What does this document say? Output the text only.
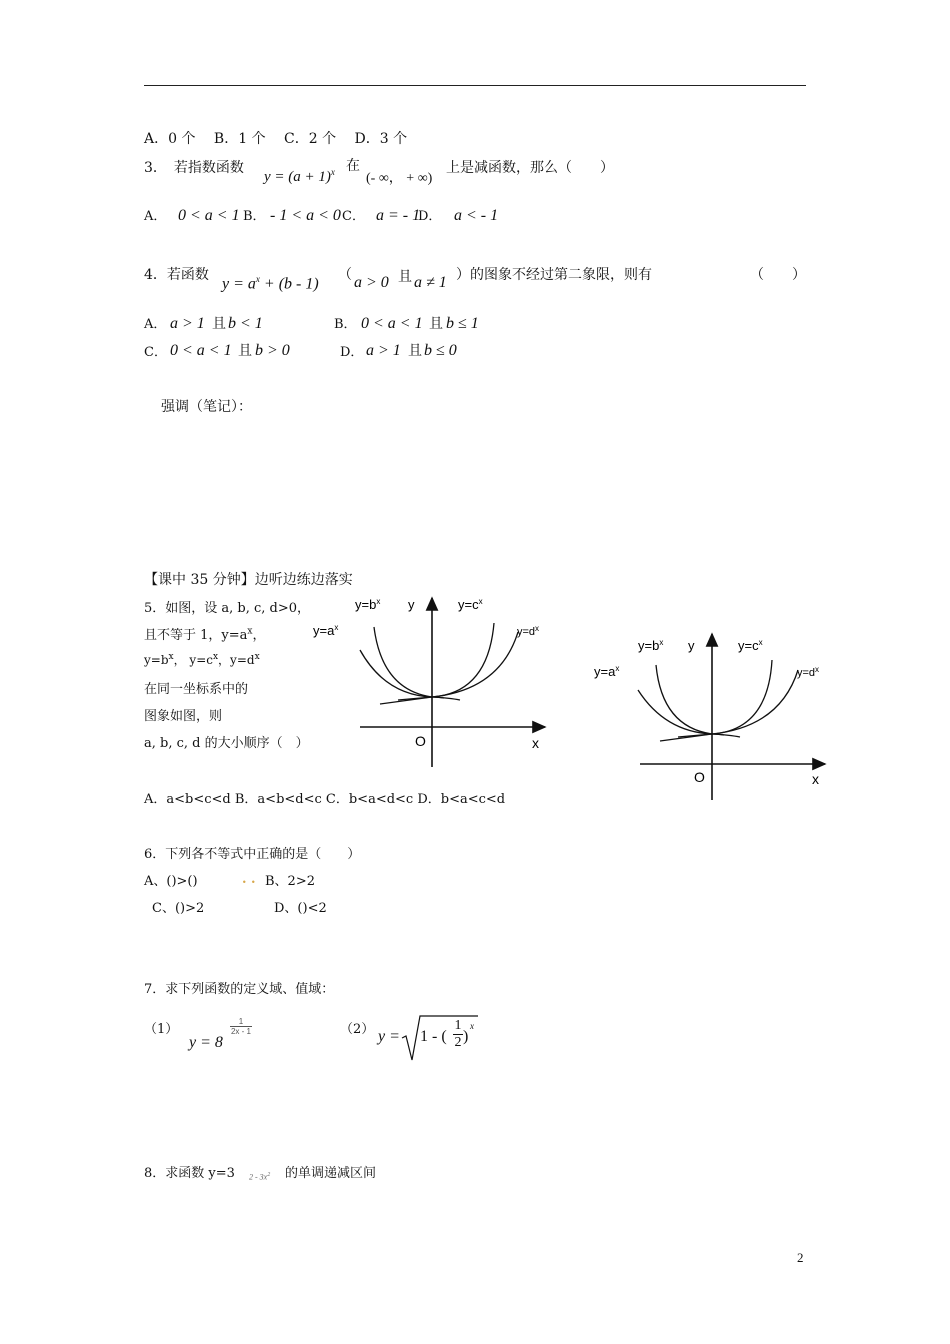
A．0 个　 B．1 个　 C．2 个　 D．3 个
3．　若指数函数
$y = (a + 1)^x$ 在
(- ∞， + ∞)
上是减函数，那么（　　）
A． 0 < a < 1 B． - 1 < a < 0 C． a = - 1
D． a < - 1
4．若函数
$y = a^x + (b - 1)$
（ a > 0 且 a ≠ 1 ）的图象不经过第二象限，则有	（　　）
A． a > 1 且 b < 1	B． 0 < a < 1 且 b ≤ 1
C． 0 < a < 1 且 b > 0	D． a > 1 且 b ≤ 0
强调（笔记）：
【课中 35 分钟】边听边练边落实
5．如图，设 a, b, c, d>0，
且不等于 1，$y=a^x$，
$y=b^x$， $y=c^x$，$y=d^x$
在同一坐标系中的
图象如图，则
a, b, c, d 的大小顺序（　）
A．a<b<c<d B．a<b<d<c C．b<a<d<c D．b<a<c<d
$y=b^x$ y	$y=c^x$
$y=a^x$	$y=d^x$
O	x
$y=b^x$ y	$y=c^x$
$y=a^x$	$y=d^x$
O	x
6．下列各不等式中正确的是（　　）
A、()>()	. . B、2>2
C、()>2	D、()<2
7．求下列函数的定义域、值域：
（1）
y = 8
1
2x - 1	（2） y = 1 - (
1
2 )
x
8．求函数 y=3 $2 - 3x^2$ 的单调递减区间
2
